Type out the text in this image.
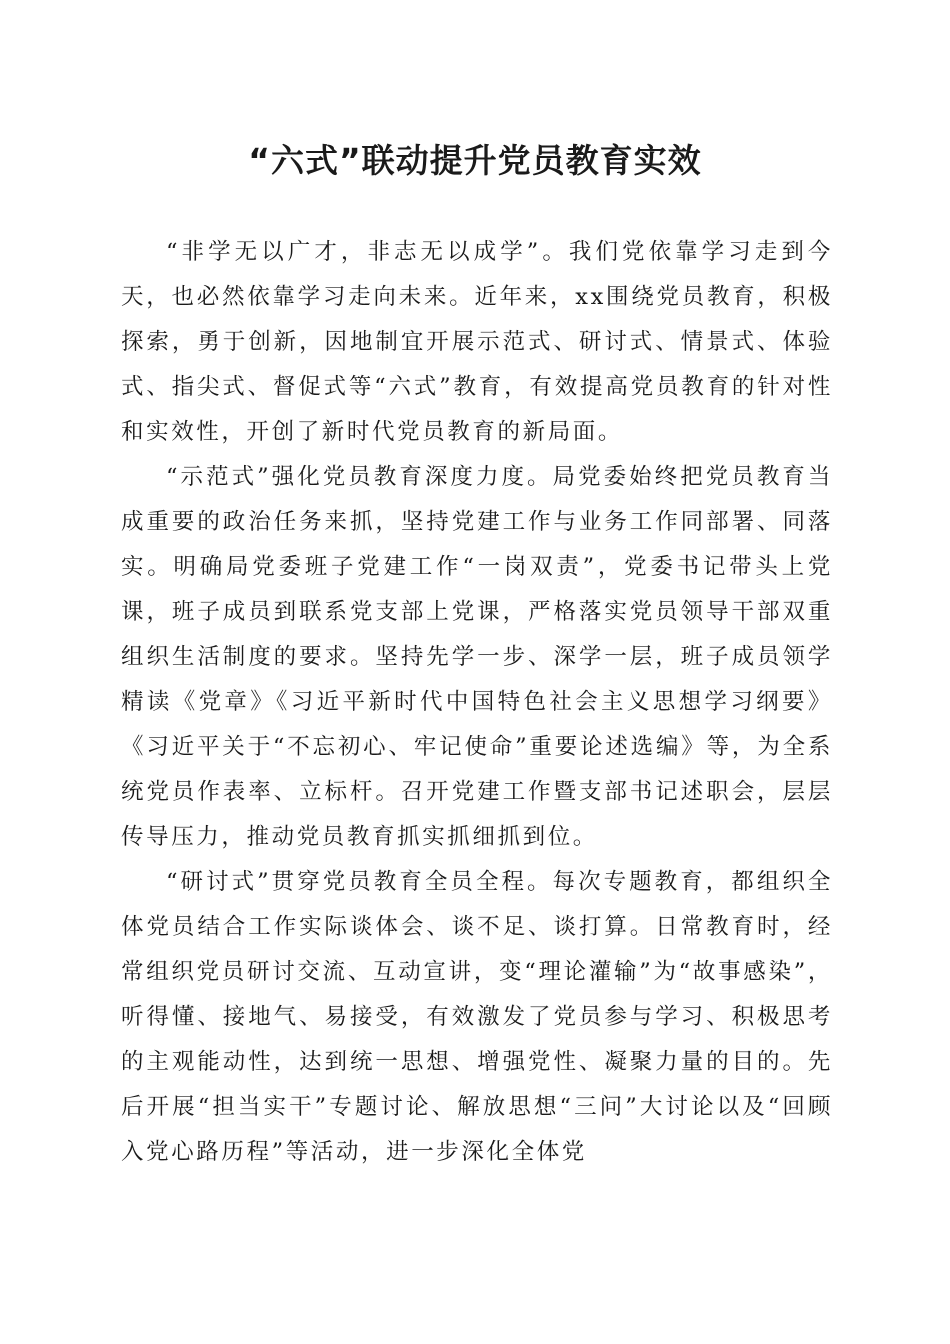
“六式”联动提升党员教育实效

“非学无以广才，非志无以成学”。我们党依靠学习走到今天，也必然依靠学习走向未来。近年来，xx围绕党员教育，积极探索，勇于创新，因地制宜开展示范式、研讨式、情景式、体验式、指尖式、督促式等“六式”教育，有效提高党员教育的针对性和实效性，开创了新时代党员教育的新局面。

“示范式”强化党员教育深度力度。局党委始终把党员教育当成重要的政治任务来抓，坚持党建工作与业务工作同部署、同落实。明确局党委班子党建工作“一岗双责”，党委书记带头上党课，班子成员到联系党支部上党课，严格落实党员领导干部双重组织生活制度的要求。坚持先学一步、深学一层，班子成员领学精读《党章》《习近平新时代中国特色社会主义思想学习纲要》《习近平关于“不忘初心、牢记使命”重要论述选编》等，为全系统党员作表率、立标杆。召开党建工作暨支部书记述职会，层层传导压力，推动党员教育抓实抓细抓到位。

“研讨式”贯穿党员教育全员全程。每次专题教育，都组织全体党员结合工作实际谈体会、谈不足、谈打算。日常教育时，经常组织党员研讨交流、互动宣讲，变“理论灌输”为“故事感染”，听得懂、接地气、易接受，有效激发了党员参与学习、积极思考的主观能动性，达到统一思想、增强党性、凝聚力量的目的。先后开展“担当实干”专题讨论、解放思想“三问”大讨论以及“回顾入党心路历程”等活动，进一步深化全体党
